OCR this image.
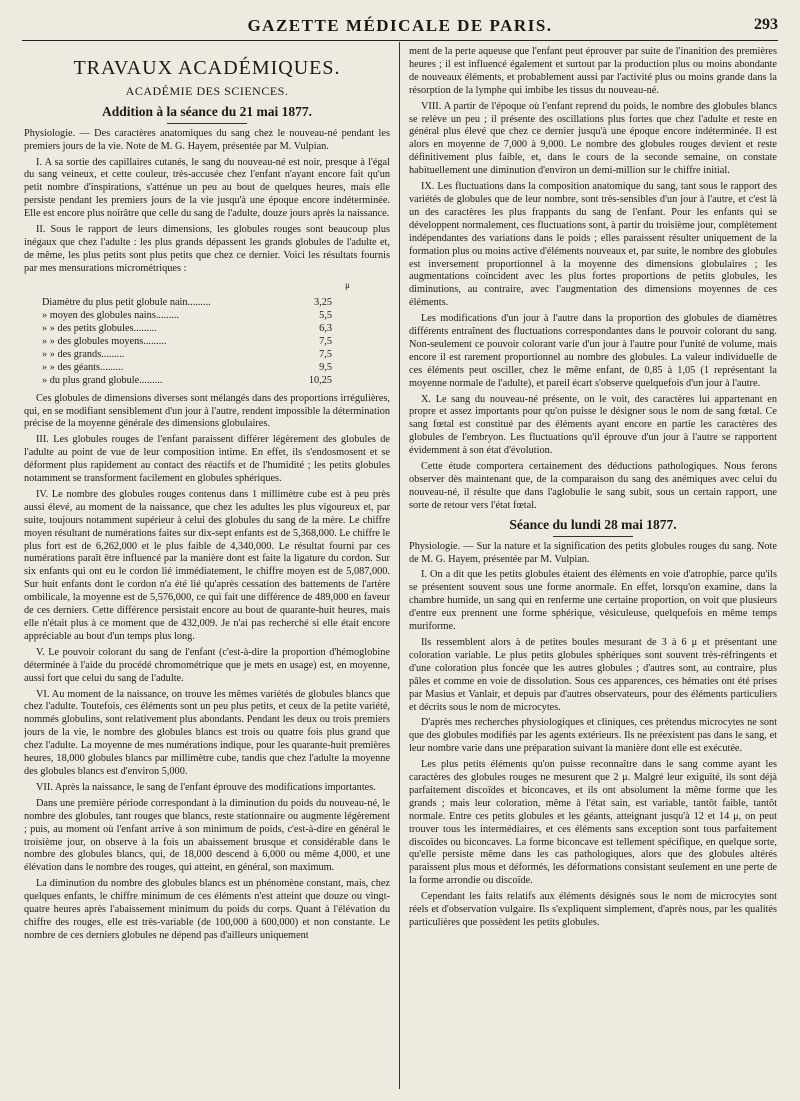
GAZETTE MÉDICALE DE PARIS.	293
TRAVAUX ACADÉMIQUES.
ACADÉMIE DES SCIENCES.
Addition à la séance du 21 mai 1877.

Physiologie. — Des caractères anatomiques du sang chez le nouveau-né pendant les premiers jours de la vie. Note de M. G. Hayem, présentée par M. Vulpian.

I. A sa sortie des capillaires cutanés, le sang du nouveau-né est noir, presque à l'égal du sang veineux, et cette couleur, très-accusée chez l'enfant n'ayant encore fait qu'un petit nombre d'inspirations, s'atténue un peu au bout de quelques heures, mais elle persiste pendant les premiers jours de la vie jusqu'à une époque encore indéterminée. Elle est encore plus noirâtre que celle du sang de l'adulte, douze jours après la naissance.

II. Sous le rapport de leurs dimensions, les globules rouges sont beaucoup plus inégaux que chez l'adulte : les plus grands dépassent les grands globules de l'adulte et, de même, les plus petits sont plus petits que chez ce dernier. Voici les résultats fournis par mes mensurations micrométriques :

μ
Diamètre du plus petit globule nain.........	3,25
» moyen des globules nains.........	5,5
» » des petits globules.........	6,3
» » des globules moyens.........	7,5
» » des grands.........	7,5
» » des géants.........	9,5
» du plus grand globule.........	10,25

Ces globules de dimensions diverses sont mélangés dans des proportions irrégulières, qui, en se modifiant sensiblement d'un jour à l'autre, rendent impossible la détermination précise de la moyenne générale des dimensions globulaires.

III. Les globules rouges de l'enfant paraissent différer légèrement des globules de l'adulte au point de vue de leur composition intime. En effet, ils s'endosmosent et se déforment plus rapidement au contact des réactifs et de l'humidité ; les petits globules notamment se transforment facilement en globules sphériques.

IV. Le nombre des globules rouges contenus dans 1 millimètre cube est à peu près aussi élevé, au moment de la naissance, que chez les adultes les plus vigoureux et, par suite, toujours notamment supérieur à celui des globules du sang de la mère. Le chiffre moyen résultant de numérations faites sur dix-sept enfants est de 5,368,000. Le chiffre le plus fort est de 6,262,000 et le plus faible de 4,340,000. Le résultat fourni par ces numérations paraît être influencé par la manière dont est faite la ligature du cordon. Sur six enfants qui ont eu le cordon lié immédiatement, le chiffre moyen est de 5,087,000. Sur huit enfants dont le cordon n'a été lié qu'après cessation des battements de l'artère ombilicale, la moyenne est de 5,576,000, ce qui fait une différence de 489,000 en faveur de ces derniers. Cette différence persistait encore au bout de quarante-huit heures, mais elle n'était plus à ce moment que de 432,009. Je n'ai pas recherché si elle était encore appréciable au bout d'un temps plus long.

V. Le pouvoir colorant du sang de l'enfant (c'est-à-dire la proportion d'hémoglobine déterminée à l'aide du procédé chromométrique que je mets en usage) est, en moyenne, aussi fort que celui du sang de l'adulte.

VI. Au moment de la naissance, on trouve les mêmes variétés de globules blancs que chez l'adulte. Toutefois, ces éléments sont un peu plus petits, et ceux de la petite variété, nommés globulins, sont relativement plus abondants. Pendant les deux ou trois premiers jours de la vie, le nombre des globules blancs est trois ou quatre fois plus grand que chez l'adulte. La moyenne de mes numérations indique, pour les quarante-huit premières heures, 18,000 globules blancs par millimètre cube, tandis que chez l'adulte la moyenne des globules blancs est d'environ 5,000.

VII. Après la naissance, le sang de l'enfant éprouve des modifications importantes.

Dans une première période correspondant à la diminution du poids du nouveau-né, le nombre des globules, tant rouges que blancs, reste stationnaire ou augmente légèrement ; puis, au moment où l'enfant arrive à son minimum de poids, c'est-à-dire en général le troisième jour, on observe à la fois un abaissement brusque et considérable dans le nombre des globules blancs, qui, de 18,000 descend à 6,000 ou même 4,000, et une élévation dans le nombre des rouges, qui atteint, en général, son maximum.

La diminution du nombre des globules blancs est un phénomène constant, mais, chez quelques enfants, le chiffre minimum de ces éléments n'est atteint que douze ou vingt-quatre heures après l'abaissement minimum du poids du corps. Quant à l'élévation du chiffre des rouges, elle est très-variable (de 100,000 à 600,000) et non constante. Le nombre de ces derniers globules ne dépend pas d'ailleurs uniquement

ment de la perte aqueuse que l'enfant peut éprouver par suite de l'inanition des premières heures ; il est influencé également et surtout par la production plus ou moins abondante de nouveaux éléments, et probablement aussi par l'activité plus ou moins grande dans la résorption de la lymphe qui imbibe les tissus du nouveau-né.

VIII. A partir de l'époque où l'enfant reprend du poids, le nombre des globules blancs se relève un peu ; il présente des oscillations plus fortes que chez l'adulte et reste en général plus élevé que chez ce dernier jusqu'à une époque encore indéterminée. Il est alors en moyenne de 7,000 à 9,000. Le nombre des globules rouges devient et reste définitivement plus faible, et, dans le cours de la seconde semaine, on constate habituellement une diminution d'environ un demi-million sur le chiffre initial.

IX. Les fluctuations dans la composition anatomique du sang, tant sous le rapport des variétés de globules que de leur nombre, sont très-sensibles d'un jour à l'autre, et c'est là un des caractères les plus frappants du sang de l'enfant. Pour les enfants qui se développent normalement, ces fluctuations sont, à partir du troisième jour, complètement indépendantes des variations dans le poids ; elles paraissent résulter uniquement de la formation plus ou moins active d'éléments nouveaux et, par suite, le nombre des globules est inversement proportionnel à la moyenne des dimensions globulaires ; les augmentations coïncident avec les plus fortes proportions de petits globules, les diminutions, au contraire, avec l'augmentation des dimensions moyennes de ces éléments.

Les modifications d'un jour à l'autre dans la proportion des globules de diamètres différents entraînent des fluctuations correspondantes dans le pouvoir colorant du sang. Non-seulement ce pouvoir colorant varie d'un jour à l'autre pour l'unité de volume, mais encore il est rarement proportionnel au nombre des globules. La valeur individuelle de ces éléments peut osciller, chez le même enfant, de 0,85 à 1,05 (1 représentant la moyenne normale de l'adulte), et pareil écart s'observe quelquefois d'un jour à l'autre.

X. Le sang du nouveau-né présente, on le voit, des caractères lui appartenant en propre et assez importants pour qu'on puisse le désigner sous le nom de sang fœtal. Ce sang fœtal est constitué par des éléments ayant encore en partie les caractères des globules de l'embryon. Les fluctuations qu'il éprouve d'un jour à l'autre se rapportent évidemment à son état d'évolution.

Cette étude comportera certainement des déductions pathologiques. Nous ferons observer dès maintenant que, de la comparaison du sang des anémiques avec celui du nouveau-né, il résulte que dans l'aglobulie le sang subit, sous un certain rapport, une sorte de retour vers l'état fœtal.

Séance du lundi 28 mai 1877.

Physiologie. — Sur la nature et la signification des petits globules rouges du sang. Note de M. G. Hayem, présentée par M. Vulpian.

I. On a dit que les petits globules étaient des éléments en voie d'atrophie, parce qu'ils se présentent souvent sous une forme anormale. En effet, lorsqu'on examine, dans la chambre humide, un sang qui en renferme une certaine proportion, on voit que plusieurs d'entre eux prennent une forme sphérique, vésiculeuse, quelquefois en même temps muriforme.

Ils ressemblent alors à de petites boules mesurant de 3 à 6 μ et présentant une coloration variable. Le plus petits globules sphériques sont souvent très-réfringents et d'une coloration plus foncée que les autres globules ; d'autres sont, au contraire, plus pâles et comme en voie de dissolution. Sous ces apparences, ces hématies ont été prises par Masius et Vanlair, et depuis par d'autres observateurs, pour des éléments particuliers et décrits sous le nom de microcytes.

D'après mes recherches physiologiques et cliniques, ces prétendus microcytes ne sont que des globules modifiés par les agents extérieurs. Ils ne préexistent pas dans le sang, et leur nombre varie dans une préparation suivant la manière dont elle est exécutée.

Les plus petits éléments qu'on puisse reconnaître dans le sang comme ayant les caractères des globules rouges ne mesurent que 2 μ. Malgré leur exiguïté, ils sont déjà parfaitement discoïdes et biconcaves, et ils ont absolument la même forme que les grands ; mais leur coloration, même à l'état sain, est variable, tantôt faible, tantôt normale. Entre ces petits globules et les géants, atteignant jusqu'à 12 et 14 μ, on peut trouver tous les intermédiaires, et ces éléments sans exception sont tous parfaitement discoïdes ou biconcaves. La forme biconcave est tellement spécifique, en quelque sorte, qu'elle persiste même dans les cas pathologiques, alors que des globules altérés paraissent plus mous et déformés, les déformations consistant seulement en une perte de la forme arrondie ou discoïde.

Cependant les faits relatifs aux éléments désignés sous le nom de microcytes sont réels et d'observation vulgaire. Ils s'expliquent simplement, d'après nous, par les qualités particulières que possèdent les petits globules.
